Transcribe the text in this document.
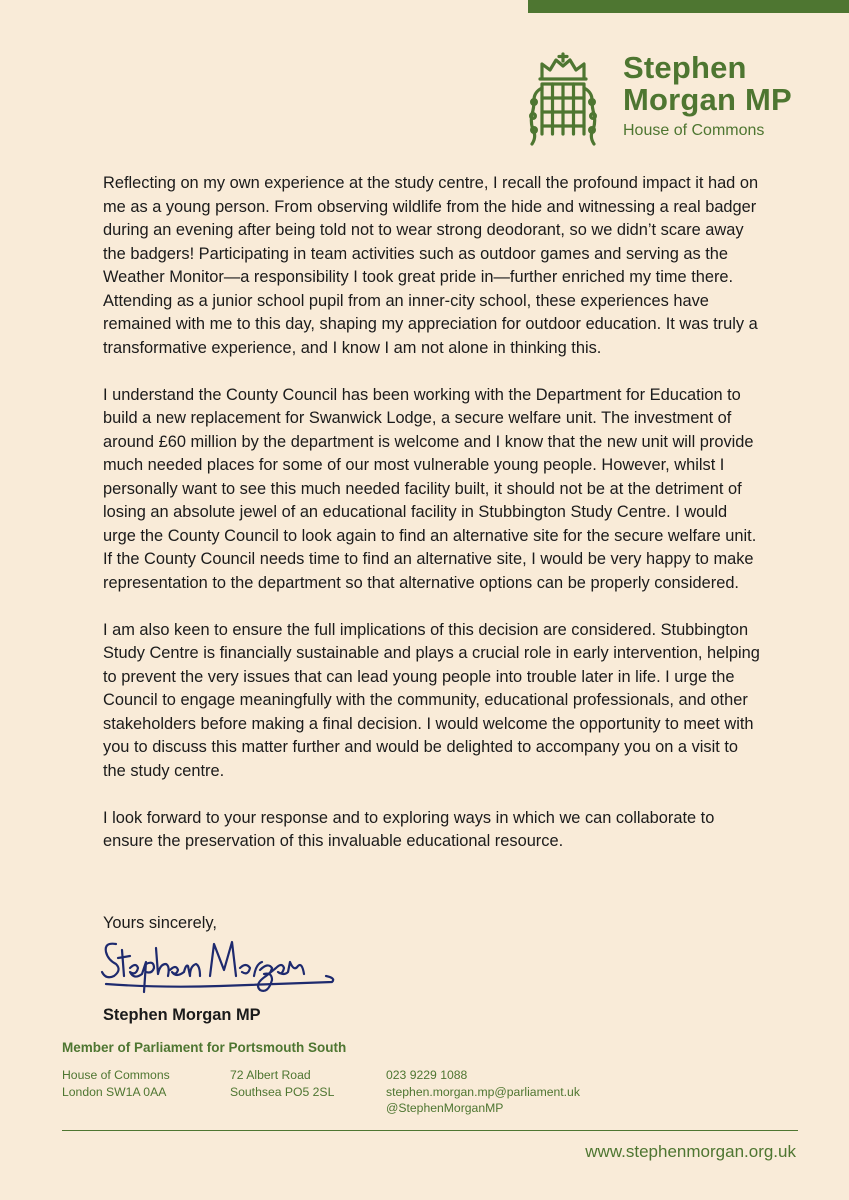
Stephen
Morgan MP
House of Commons

Reflecting on my own experience at the study centre, I recall the profound impact it had on me as a young person. From observing wildlife from the hide and witnessing a real badger during an evening after being told not to wear strong deodorant, so we didn’t scare away the badgers! Participating in team activities such as outdoor games and serving as the Weather Monitor—a responsibility I took great pride in—further enriched my time there. Attending as a junior school pupil from an inner-city school, these experiences have remained with me to this day, shaping my appreciation for outdoor education. It was truly a transformative experience, and I know I am not alone in thinking this.

I understand the County Council has been working with the Department for Education to build a new replacement for Swanwick Lodge, a secure welfare unit. The investment of around £60 million by the department is welcome and I know that the new unit will provide much needed places for some of our most vulnerable young people. However, whilst I personally want to see this much needed facility built, it should not be at the detriment of losing an absolute jewel of an educational facility in Stubbington Study Centre. I would urge the County Council to look again to find an alternative site for the secure welfare unit. If the County Council needs time to find an alternative site, I would be very happy to make representation to the department so that alternative options can be properly considered.

I am also keen to ensure the full implications of this decision are considered. Stubbington Study Centre is financially sustainable and plays a crucial role in early intervention, helping to prevent the very issues that can lead young people into trouble later in life. I urge the Council to engage meaningfully with the community, educational professionals, and other stakeholders before making a final decision. I would welcome the opportunity to meet with you to discuss this matter further and would be delighted to accompany you on a visit to the study centre.

I look forward to your response and to exploring ways in which we can collaborate to ensure the preservation of this invaluable educational resource.

Yours sincerely,
Stephen Morgan MP
Member of Parliament for Portsmouth South
House of Commons
London SW1A 0AA
72 Albert Road
Southsea PO5 2SL
023 9229 1088
stephen.morgan.mp@parliament.uk
@StephenMorganMP
www.stephenmorgan.org.uk
